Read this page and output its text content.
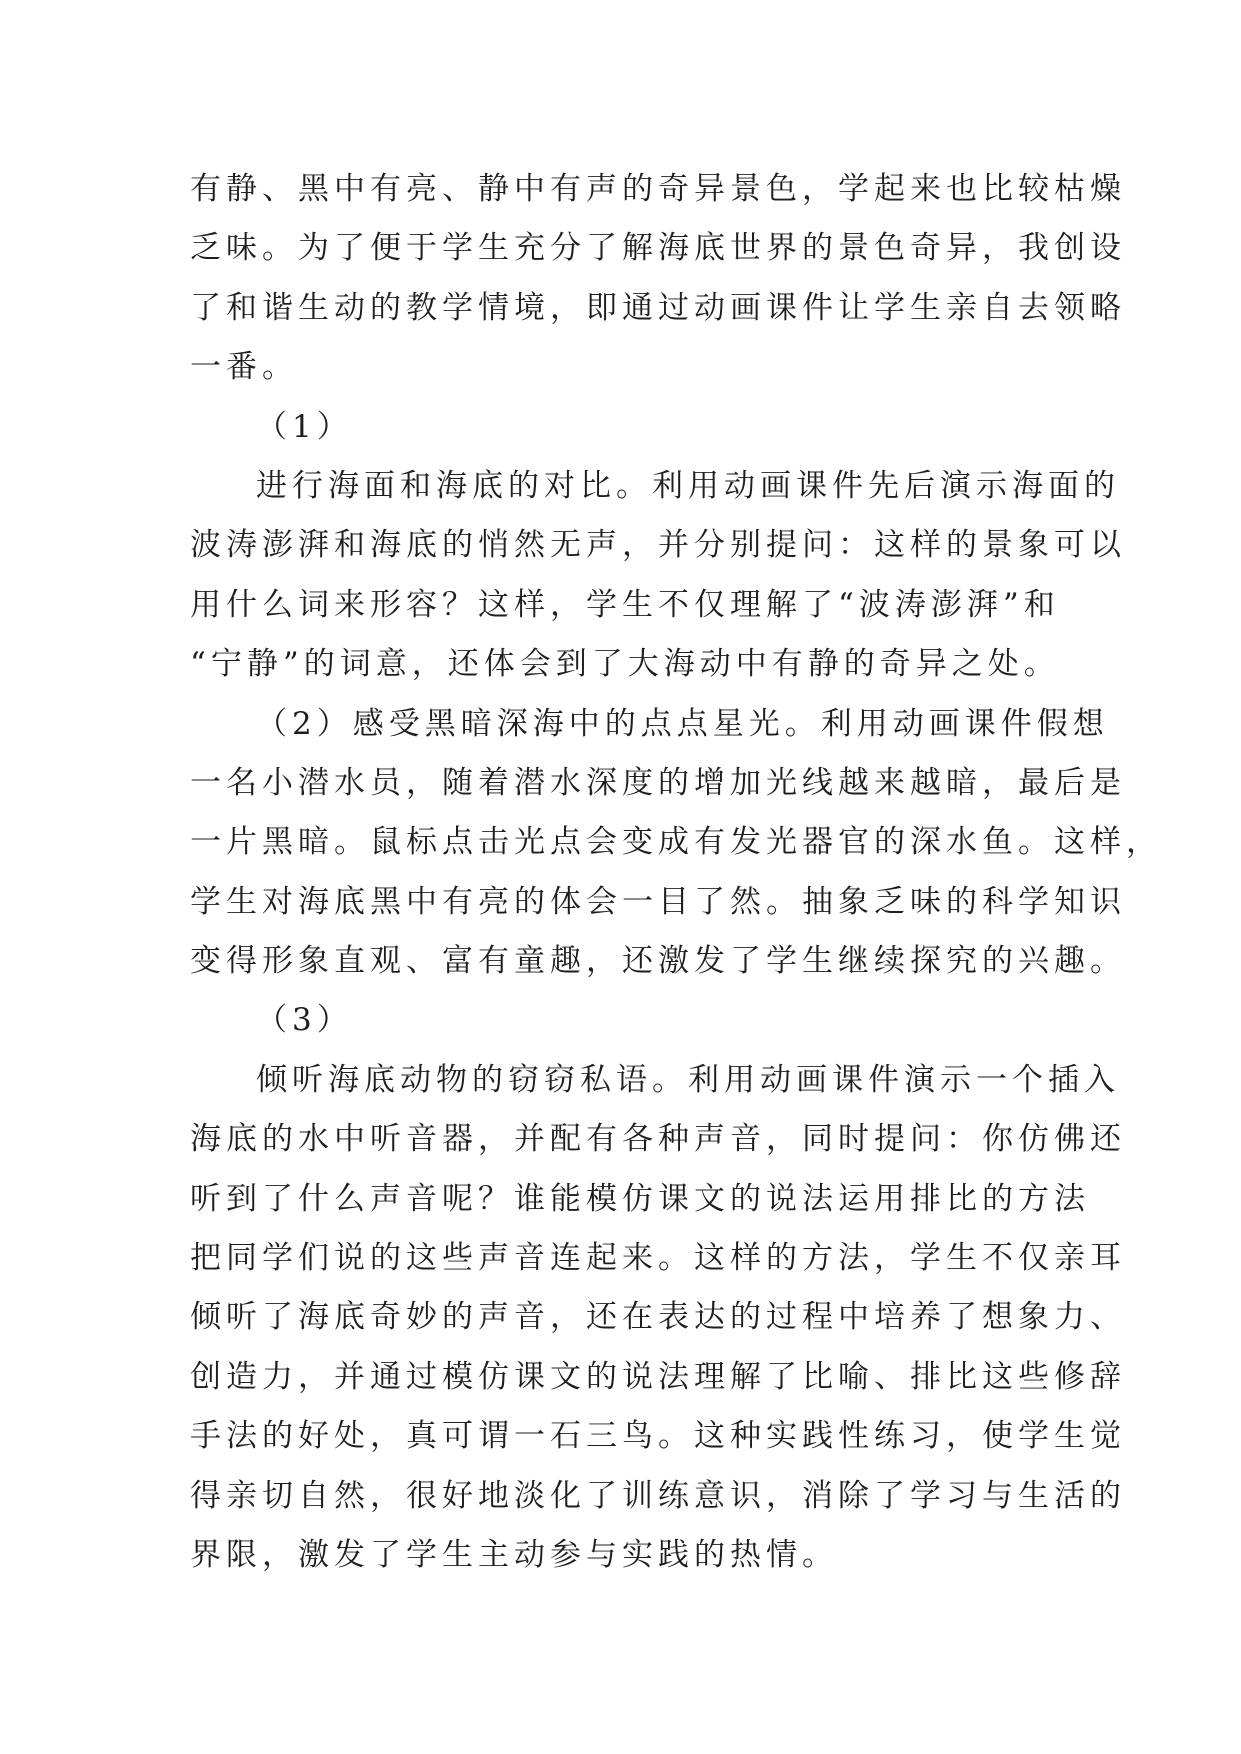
有静、黑中有亮、静中有声的奇异景色，学起来也比较枯燥
乏味。为了便于学生充分了解海底世界的景色奇异，我创设
了和谐生动的教学情境，即通过动画课件让学生亲自去领略
一番。
（1）
进行海面和海底的对比。利用动画课件先后演示海面的
波涛澎湃和海底的悄然无声，并分别提问：这样的景象可以
用什么词来形容？这样，学生不仅理解了“波涛澎湃”和
“宁静”的词意，还体会到了大海动中有静的奇异之处。
（2）感受黑暗深海中的点点星光。利用动画课件假想
一名小潜水员，随着潜水深度的增加光线越来越暗，最后是
一片黑暗。鼠标点击光点会变成有发光器官的深水鱼。这样，
学生对海底黑中有亮的体会一目了然。抽象乏味的科学知识
变得形象直观、富有童趣，还激发了学生继续探究的兴趣。
（3）
倾听海底动物的窃窃私语。利用动画课件演示一个插入
海底的水中听音器，并配有各种声音，同时提问：你仿佛还
听到了什么声音呢？谁能模仿课文的说法运用排比的方法
把同学们说的这些声音连起来。这样的方法，学生不仅亲耳
倾听了海底奇妙的声音，还在表达的过程中培养了想象力、
创造力，并通过模仿课文的说法理解了比喻、排比这些修辞
手法的好处，真可谓一石三鸟。这种实践性练习，使学生觉
得亲切自然，很好地淡化了训练意识，消除了学习与生活的
界限，激发了学生主动参与实践的热情。
